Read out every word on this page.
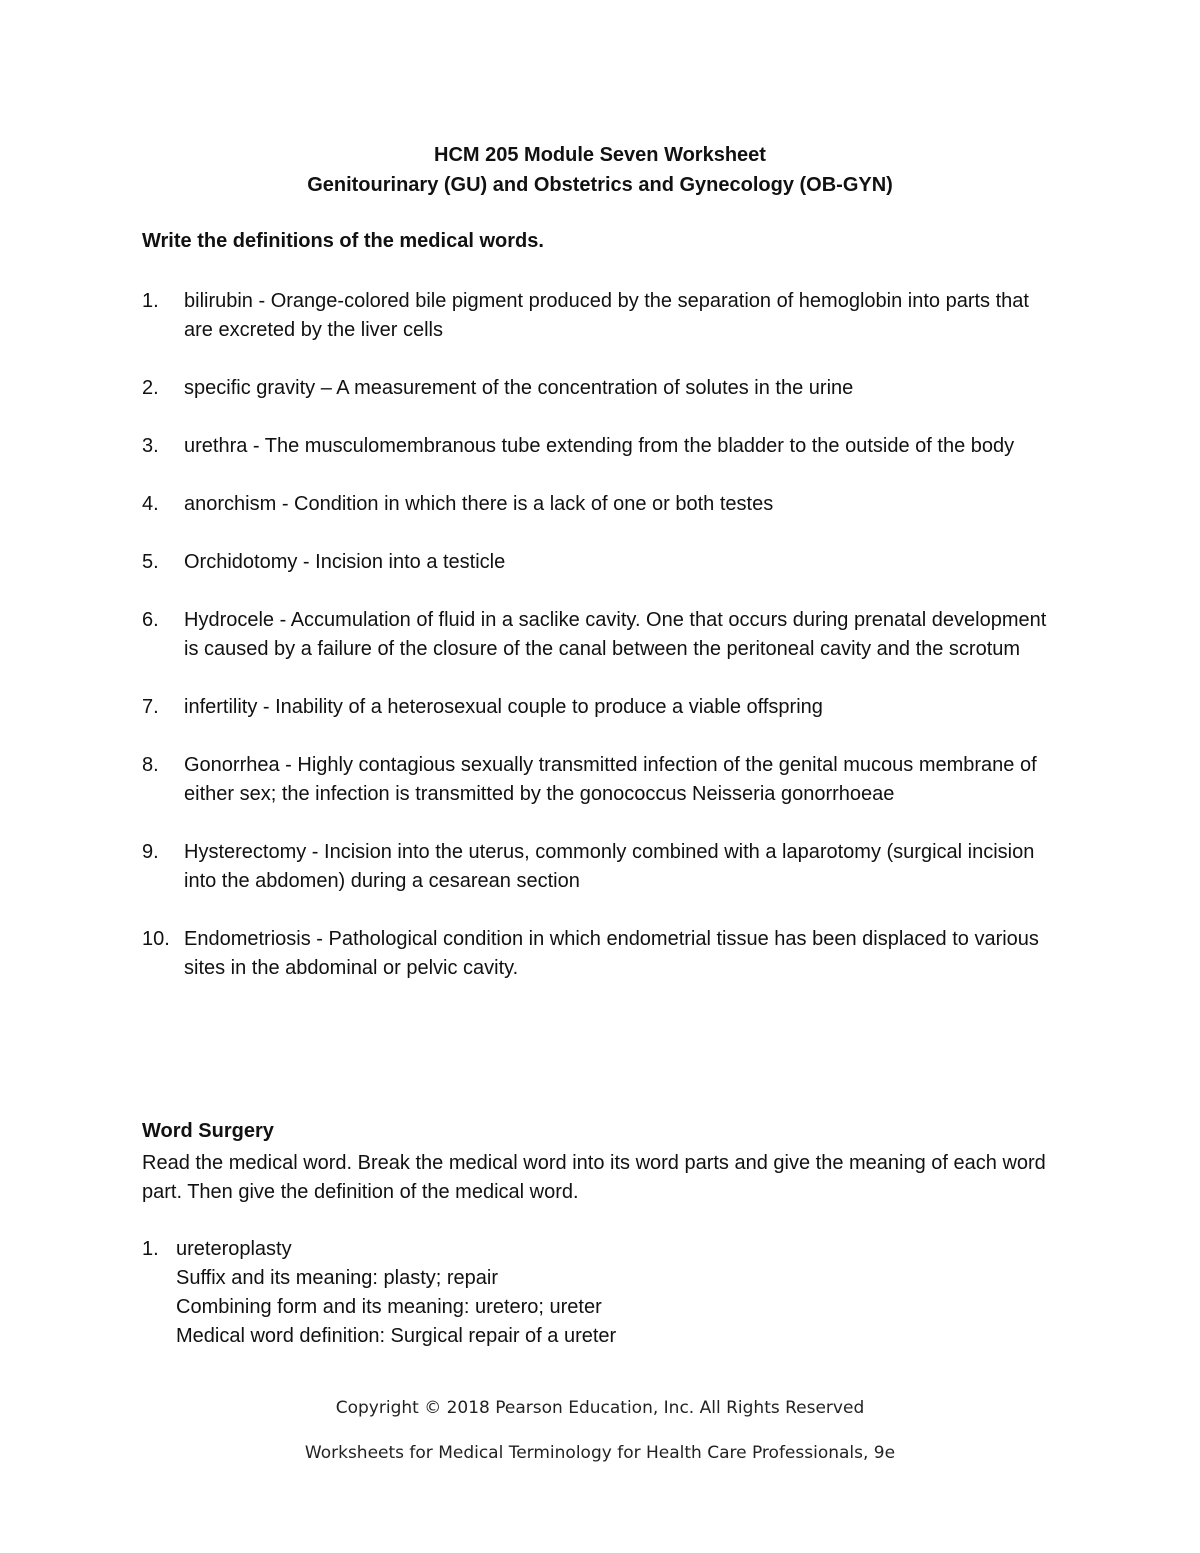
HCM 205 Module Seven Worksheet
Genitourinary (GU) and Obstetrics and Gynecology (OB-GYN)
Write the definitions of the medical words.
1.	bilirubin - Orange-colored bile pigment produced by the separation of hemoglobin into parts that are excreted by the liver cells
2.	specific gravity – A measurement of the concentration of solutes in the urine
3.	urethra - The musculomembranous tube extending from the bladder to the outside of the body
4.	anorchism - Condition in which there is a lack of one or both testes
5.	Orchidotomy - Incision into a testicle
6.	Hydrocele - Accumulation of fluid in a saclike cavity. One that occurs during prenatal development is caused by a failure of the closure of the canal between the peritoneal cavity and the scrotum
7.	infertility - Inability of a heterosexual couple to produce a viable offspring
8.	Gonorrhea - Highly contagious sexually transmitted infection of the genital mucous membrane of either sex; the infection is transmitted by the gonococcus Neisseria gonorrhoeae
9.	Hysterectomy - Incision into the uterus, commonly combined with a laparotomy (surgical incision into the abdomen) during a cesarean section
10. Endometriosis - Pathological condition in which endometrial tissue has been displaced to various sites in the abdominal or pelvic cavity.
Word Surgery
Read the medical word. Break the medical word into its word parts and give the meaning of each word part. Then give the definition of the medical word.
1. ureteroplasty
Suffix and its meaning: plasty; repair
Combining form and its meaning: uretero; ureter
Medical word definition: Surgical repair of a ureter
Copyright © 2018 Pearson Education, Inc. All Rights Reserved
Worksheets for Medical Terminology for Health Care Professionals, 9e
